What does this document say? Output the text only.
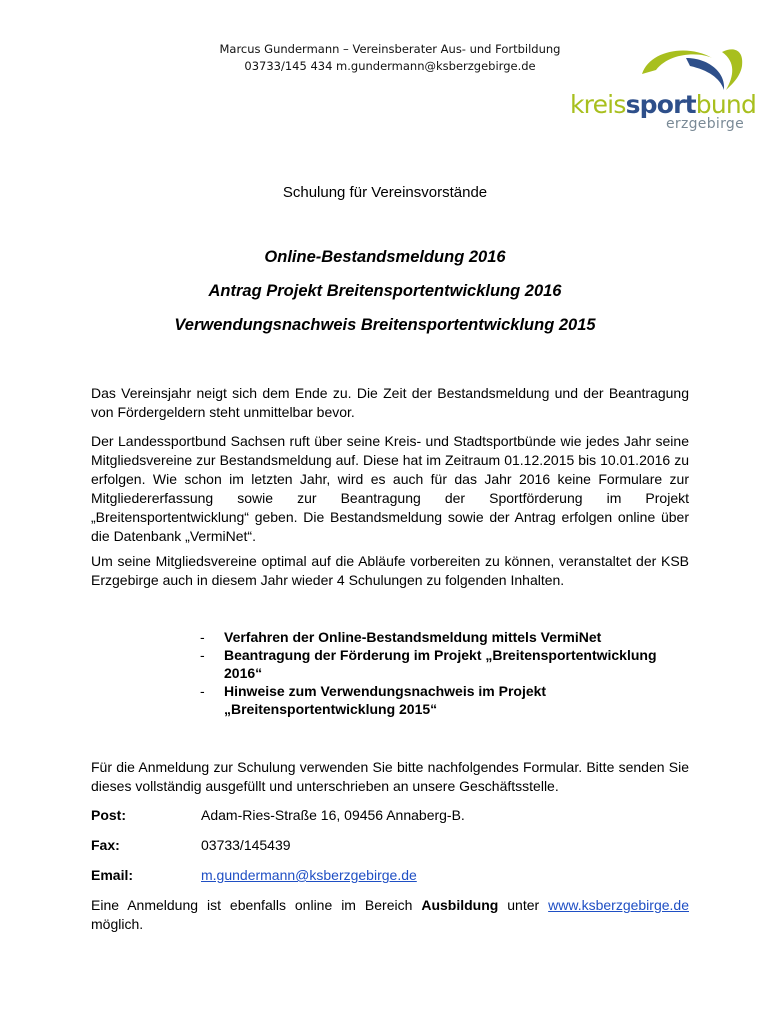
Marcus Gundermann – Vereinsberater Aus- und Fortbildung
03733/145 434 m.gundermann@ksberzgebirge.de
kreissportbund
erzgebirge
Schulung für Vereinsvorstände
Online-Bestandsmeldung 2016
Antrag Projekt Breitensportentwicklung 2016
Verwendungsnachweis Breitensportentwicklung 2015
Das Vereinsjahr neigt sich dem Ende zu. Die Zeit der Bestandsmeldung und der Beantragung von Fördergeldern steht unmittelbar bevor.
Der Landessportbund Sachsen ruft über seine Kreis- und Stadtsportbünde wie jedes Jahr seine Mitgliedsvereine zur Bestandsmeldung auf. Diese hat im Zeitraum 01.12.2015 bis 10.01.2016 zu erfolgen. Wie schon im letzten Jahr, wird es auch für das Jahr 2016 keine Formulare zur Mitgliedererfassung sowie zur Beantragung der Sportförderung im Projekt „Breitensportentwicklung“ geben. Die Bestandsmeldung sowie der Antrag erfolgen online über die Datenbank „VermiNet“.
Um seine Mitgliedsvereine optimal auf die Abläufe vorbereiten zu können, veranstaltet der KSB Erzgebirge auch in diesem Jahr wieder 4 Schulungen zu folgenden Inhalten.
- Verfahren der Online-Bestandsmeldung mittels VermiNet
- Beantragung der Förderung im Projekt „Breitensportentwicklung 2016“
- Hinweise zum Verwendungsnachweis im Projekt „Breitensportentwicklung 2015“
Für die Anmeldung zur Schulung verwenden Sie bitte nachfolgendes Formular. Bitte senden Sie dieses vollständig ausgefüllt und unterschrieben an unsere Geschäftsstelle.
Post:	Adam-Ries-Straße 16, 09456 Annaberg-B.
Fax:	03733/145439
Email:	m.gundermann@ksberzgebirge.de
Eine Anmeldung ist ebenfalls online im Bereich Ausbildung unter www.ksberzgebirge.de möglich.
